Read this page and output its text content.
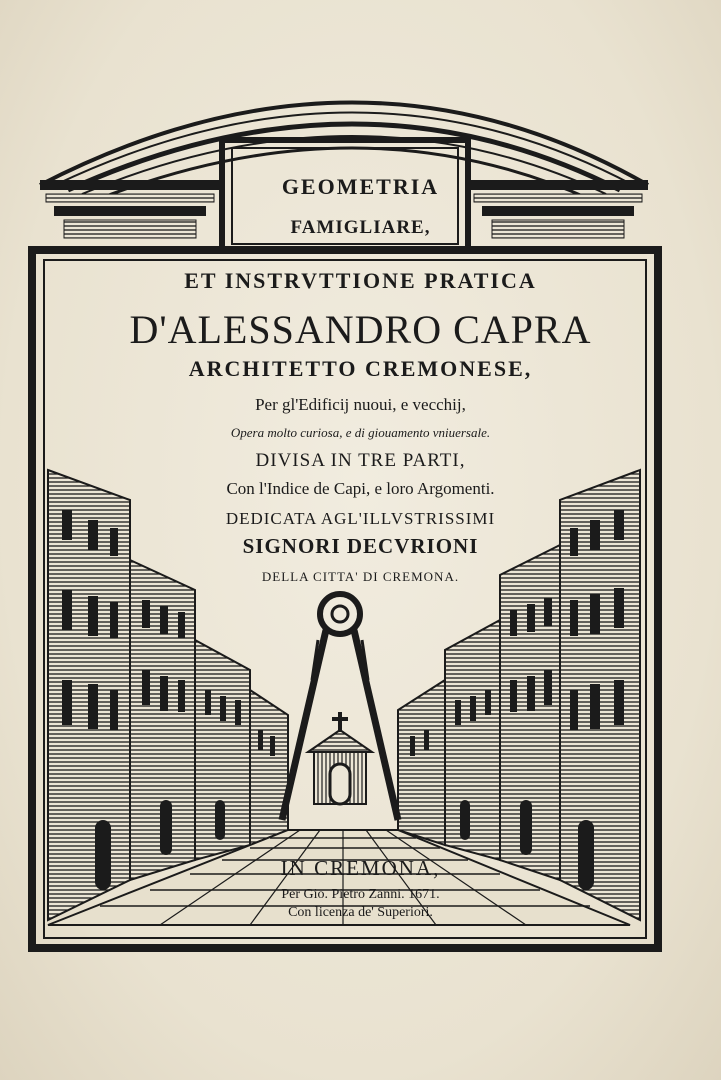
GEOMETRIA
FAMIGLIARE,
ET INSTRVTTIONE PRATICA
D'ALESSANDRO CAPRA
ARCHITETTO CREMONESE,
Per gl'Edificij nuoui, e vecchij,
Opera molto curiosa, e di giouamento vniuersale.
DIVISA IN TRE PARTI,
Con l'Indice de Capi, e loro Argomenti.
DEDICATA AGL'ILLVSTRISSIMI
SIGNORI DECVRIONI
DELLA CITTA' DI CREMONA.
IN CREMONA,
Per Gio. Pietro Zanni. 1671.
Con licenza de' Superiori.
